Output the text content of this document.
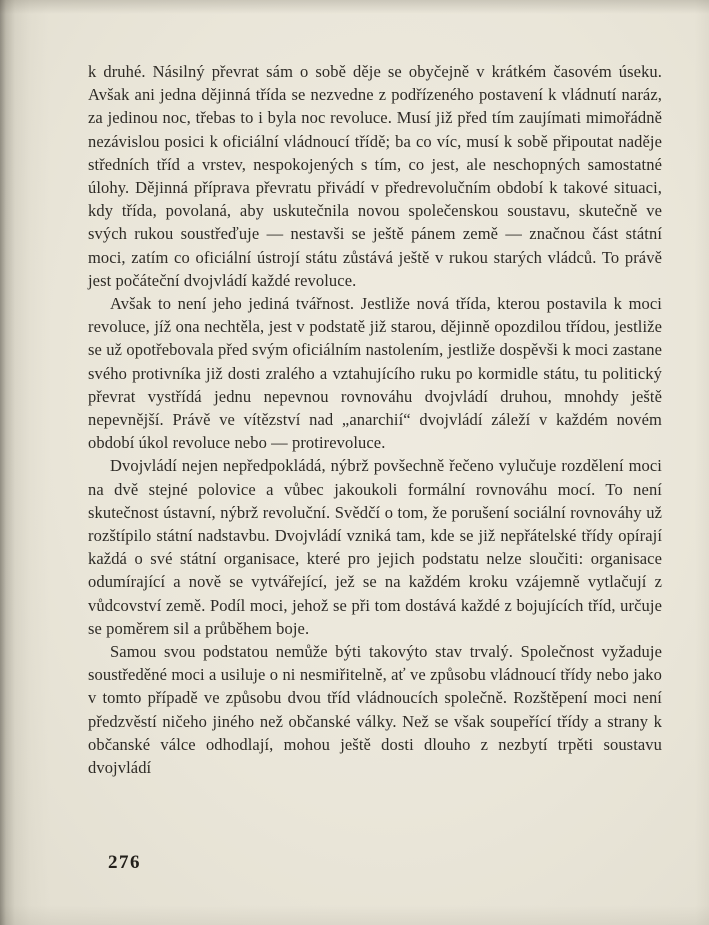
k druhé. Násilný převrat sám o sobě děje se obyčejně v krátkém časovém úseku. Avšak ani jedna dějinná třída se nezvedne z podřízeného postavení k vládnutí naráz, za jedinou noc, třebas to i byla noc revoluce. Musí již před tím zaujímati mimořádně nezávislou posici k oficiální vládnoucí třídě; ba co víc, musí k sobě připoutat naděje středních tříd a vrstev, nespokojených s tím, co jest, ale neschopných samostatné úlohy. Dějinná příprava převratu přivádí v předrevolučním období k takové situaci, kdy třída, povolaná, aby uskutečnila novou společenskou soustavu, skutečně ve svých rukou soustřeďuje — nestavši se ještě pánem země — značnou část státní moci, zatím co oficiální ústrojí státu zůstává ještě v rukou starých vládců. To právě jest počáteční dvojvládí každé revoluce.

Avšak to není jeho jediná tvářnost. Jestliže nová třída, kterou postavila k moci revoluce, jíž ona nechtěla, jest v podstatě již starou, dějinně opozdilou třídou, jestliže se už opotřebovala před svým oficiálním nastolením, jestliže dospěvši k moci zastane svého protivníka již dosti zralého a vztahujícího ruku po kormidle státu, tu politický převrat vystřídá jednu nepevnou rovnováhu dvojvládí druhou, mnohdy ještě nepevnější. Právě ve vítězství nad „anarchií“ dvojvládí záleží v každém novém období úkol revoluce nebo — protirevoluce.

Dvojvládí nejen nepředpokládá, nýbrž povšechně řečeno vylučuje rozdělení moci na dvě stejné polovice a vůbec jakoukoli formální rovnováhu mocí. To není skutečnost ústavní, nýbrž revoluční. Svědčí o tom, že porušení sociální rovnováhy už rozštípilo státní nadstavbu. Dvojvládí vzniká tam, kde se již nepřátelské třídy opírají každá o své státní organisace, které pro jejich podstatu nelze sloučiti: organisace odumírající a nově se vytvářející, jež se na každém kroku vzájemně vytlačují z vůdcovství země. Podíl moci, jehož se při tom dostává každé z bojujících tříd, určuje se poměrem sil a průběhem boje.

Samou svou podstatou nemůže býti takovýto stav trvalý. Společnost vyžaduje soustředěné moci a usiluje o ni nesmiřitelně, ať ve způsobu vládnoucí třídy nebo jako v tomto případě ve způsobu dvou tříd vládnoucích společně. Rozštěpení moci není předzvěstí ničeho jiného než občanské války. Než se však soupeřící třídy a strany k občanské válce odhodlají, mohou ještě dosti dlouho z nezbytí trpěti soustavu dvojvládí

276
